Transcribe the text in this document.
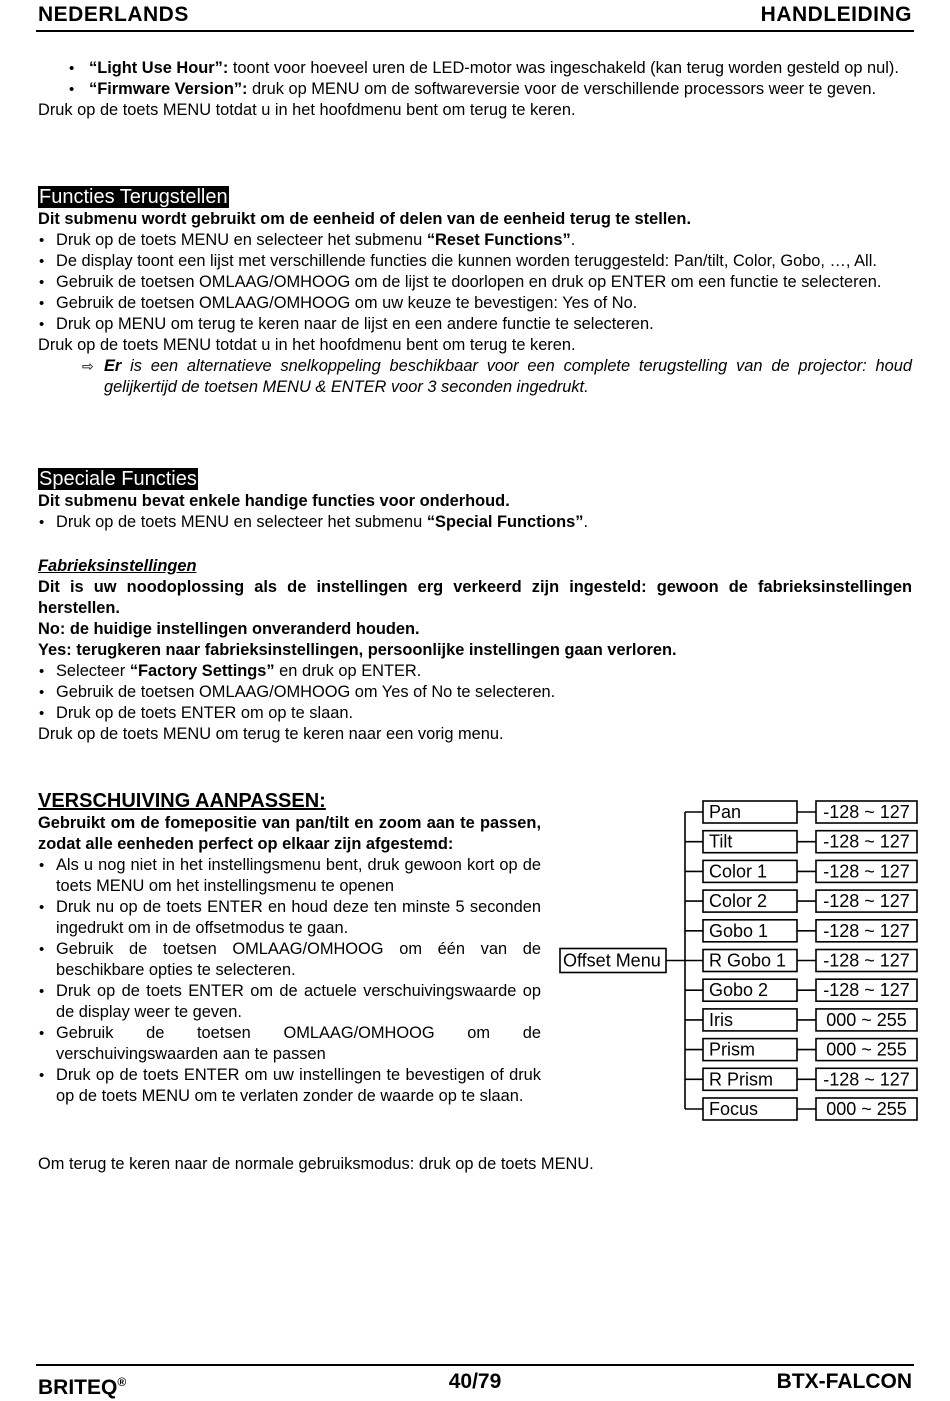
NEDERLANDS	HANDLEIDING

• “Light Use Hour”: toont voor hoeveel uren de LED-motor was ingeschakeld (kan terug worden gesteld op nul).

• “Firmware Version”: druk op MENU om de softwareversie voor de verschillende processors weer te geven.

Druk op de toets MENU totdat u in het hoofdmenu bent om terug te keren.

Functies Terugstellen

Dit submenu wordt gebruikt om de eenheid of delen van de eenheid terug te stellen.

• Druk op de toets MENU en selecteer het submenu “Reset Functions”.

• De display toont een lijst met verschillende functies die kunnen worden teruggesteld: Pan/tilt, Color, Gobo, …, All.

• Gebruik de toetsen OMLAAG/OMHOOG om de lijst te doorlopen en druk op ENTER om een functie te selecteren.

• Gebruik de toetsen OMLAAG/OMHOOG om uw keuze te bevestigen: Yes of No.

• Druk op MENU om terug te keren naar de lijst en een andere functie te selecteren.

Druk op de toets MENU totdat u in het hoofdmenu bent om terug te keren.

⇨ Er is een alternatieve snelkoppeling beschikbaar voor een complete terugstelling van de projector: houd gelijkertijd de toetsen MENU & ENTER voor 3 seconden ingedrukt.

Speciale Functies

Dit submenu bevat enkele handige functies voor onderhoud.

• Druk op de toets MENU en selecteer het submenu “Special Functions”.

Fabrieksinstellingen

Dit is uw noodoplossing als de instellingen erg verkeerd zijn ingesteld: gewoon de fabrieksinstellingen herstellen.

No: de huidige instellingen onveranderd houden.

Yes: terugkeren naar fabrieksinstellingen, persoonlijke instellingen gaan verloren.

• Selecteer “Factory Settings” en druk op ENTER.

• Gebruik de toetsen OMLAAG/OMHOOG om Yes of No te selecteren.

• Druk op de toets ENTER om op te slaan.

Druk op de toets MENU om terug te keren naar een vorig menu.

VERSCHUIVING AANPASSEN:

Gebruikt om de fomepositie van pan/tilt en zoom aan te passen, zodat alle eenheden perfect op elkaar zijn afgestemd:

• Als u nog niet in het instellingsmenu bent, druk gewoon kort op de toets MENU om het instellingsmenu te openen

• Druk nu op de toets ENTER en houd deze ten minste 5 seconden ingedrukt om in de offsetmodus te gaan.

• Gebruik de toetsen OMLAAG/OMHOOG om één van de beschikbare opties te selecteren.

• Druk op de toets ENTER om de actuele verschuivingswaarde op de display weer te geven.

• Gebruik de toetsen OMLAAG/OMHOOG om de verschuivingswaarden aan te passen

• Druk op de toets ENTER om uw instellingen te bevestigen of druk op de toets MENU om te verlaten zonder de waarde op te slaan.

Om terug te keren naar de normale gebruiksmodus: druk op de toets MENU.
Offset Menu
Pan	-128 ~ 127
Tilt	-128 ~ 127
Color 1	-128 ~ 127
Color 2	-128 ~ 127
Gobo 1	-128 ~ 127
R Gobo 1 -128 ~ 127
Gobo 2	-128 ~ 127
Iris	000 ~ 255
Prism	000 ~ 255
R Prism	-128 ~ 127
Focus	000 ~ 255
BRITEQ®	40/79	BTX-FALCON
